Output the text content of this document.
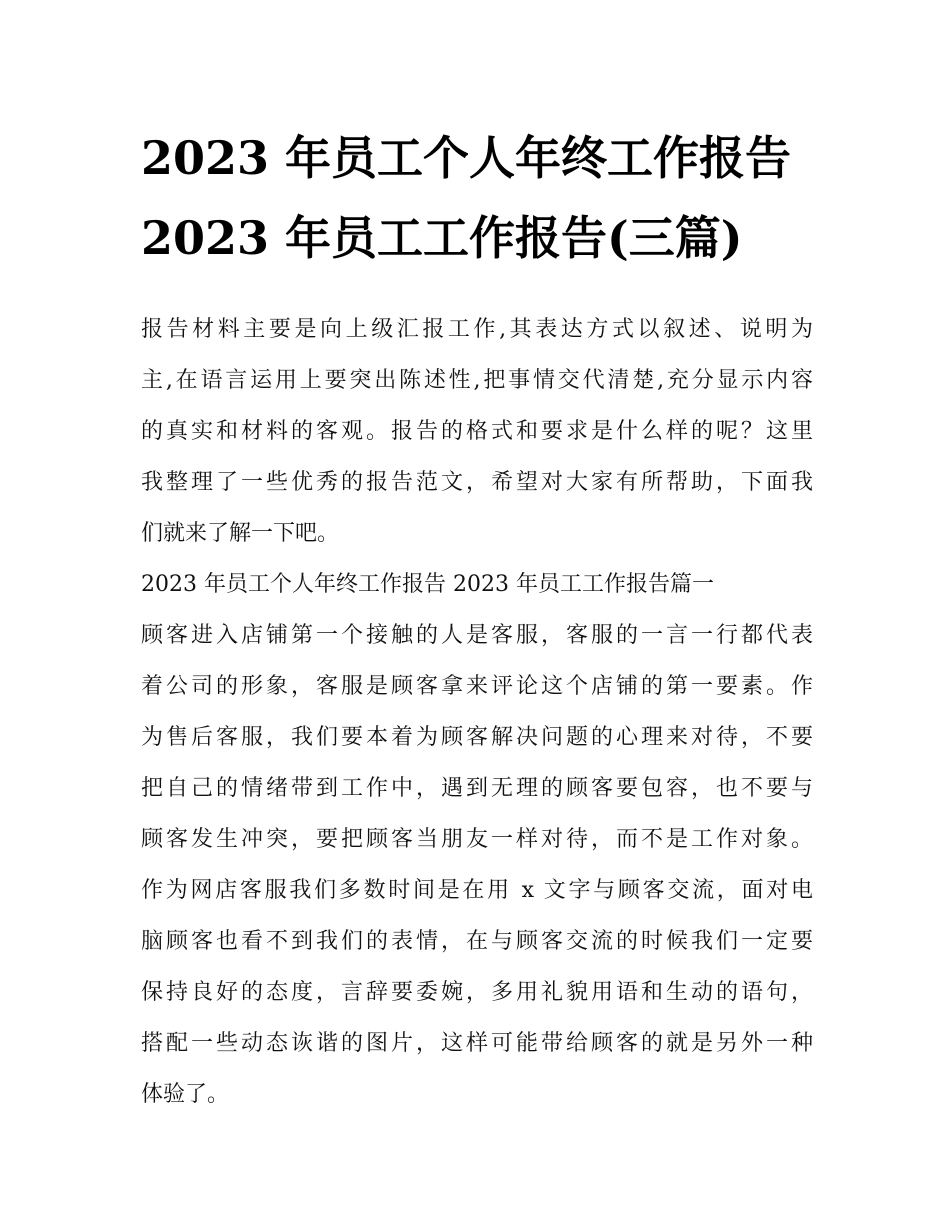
2023 年员工个人年终工作报告
2023 年员工工作报告(三篇)
报告材料主要是向上级汇报工作,其表达方式以叙述、说明为
主,在语言运用上要突出陈述性,把事情交代清楚,充分显示内容
的真实和材料的客观。报告的格式和要求是什么样的呢？这里
我整理了一些优秀的报告范文，希望对大家有所帮助，下面我
们就来了解一下吧。
2023 年员工个人年终工作报告 2023 年员工工作报告篇一
顾客进入店铺第一个接触的人是客服，客服的一言一行都代表
着公司的形象，客服是顾客拿来评论这个店铺的第一要素。作
为售后客服，我们要本着为顾客解决问题的心理来对待，不要
把自己的情绪带到工作中，遇到无理的顾客要包容，也不要与
顾客发生冲突，要把顾客当朋友一样对待，而不是工作对象。
作为网店客服我们多数时间是在用 x 文字与顾客交流，面对电
脑顾客也看不到我们的表情，在与顾客交流的时候我们一定要
保持良好的态度，言辞要委婉，多用礼貌用语和生动的语句，
搭配一些动态诙谐的图片，这样可能带给顾客的就是另外一种
体验了。
